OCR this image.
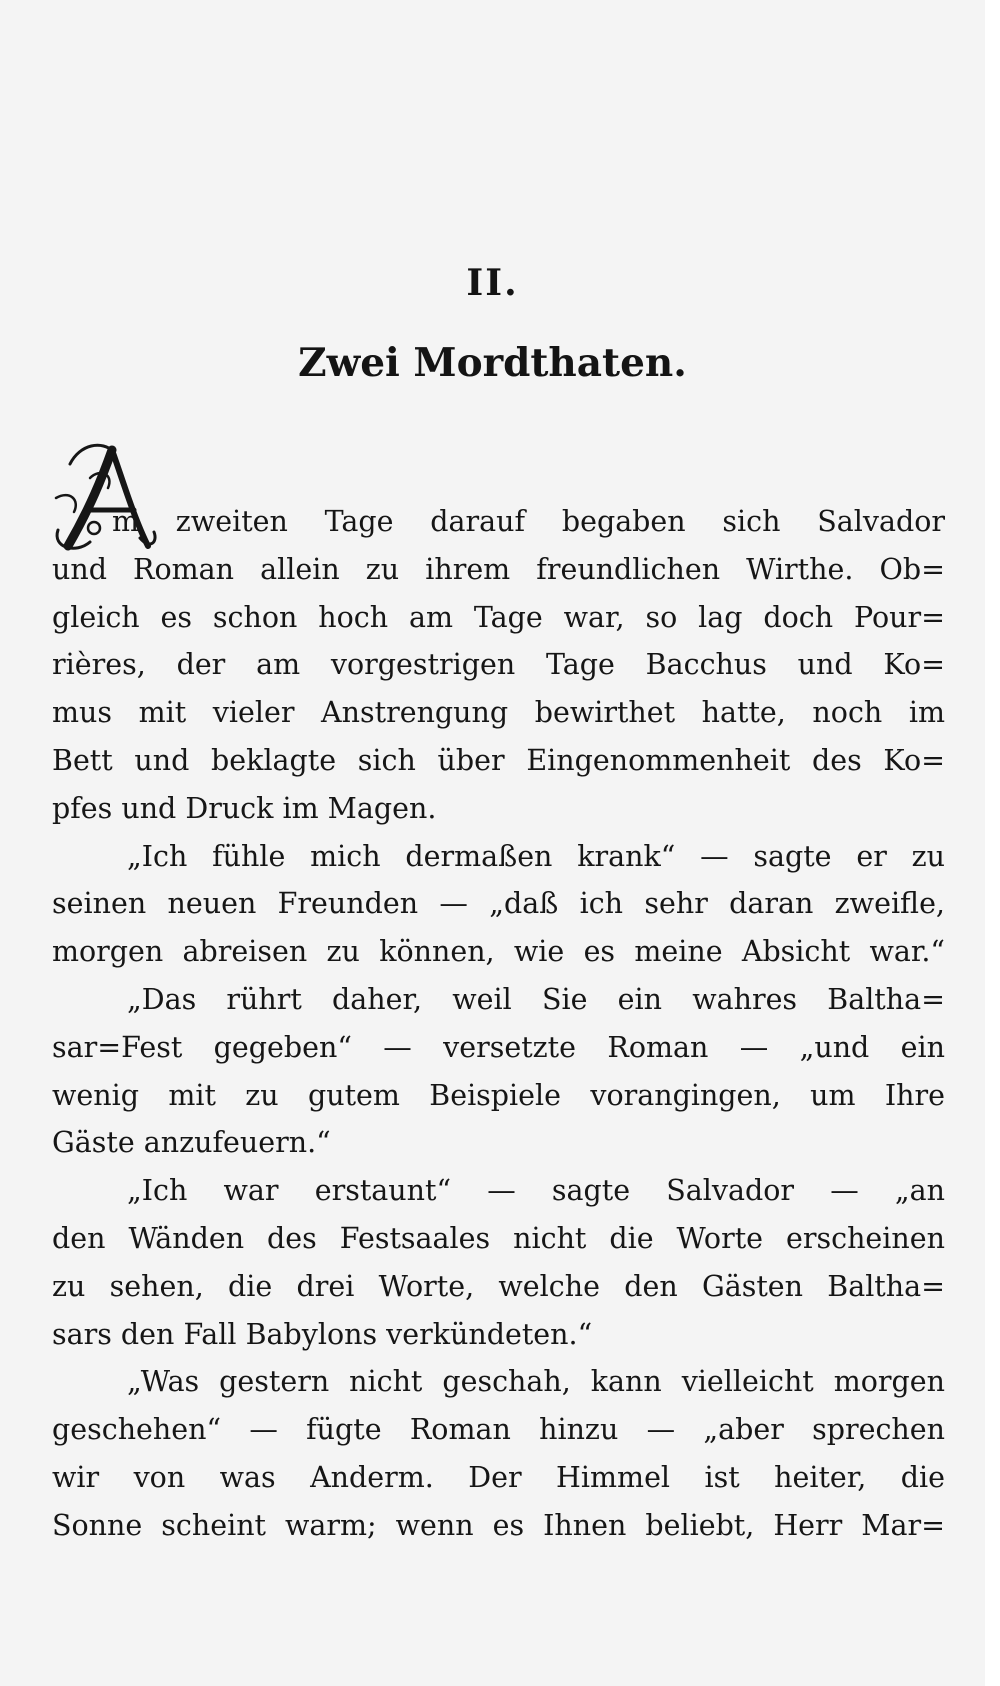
II.
Zwei Mordthaten.

m zweiten Tage darauf begaben sich Salvador

und Roman allein zu ihrem freundlichen Wirthe. Ob=
gleich es schon hoch am Tage war, so lag doch Pour=
rières, der am vorgestrigen Tage Bacchus und Ko=
mus mit vieler Anstrengung bewirthet hatte, noch im
Bett und beklagte sich über Eingenommenheit des Ko=
pfes und Druck im Magen.

„Ich fühle mich dermaßen krank“ — sagte er zu
seinen neuen Freunden — „daß ich sehr daran zweifle,
morgen abreisen zu können, wie es meine Absicht war.“

„Das rührt daher, weil Sie ein wahres Baltha=
sar=Fest gegeben“ — versetzte Roman — „und ein
wenig mit zu gutem Beispiele vorangingen, um Ihre
Gäste anzufeuern.“

„Ich war erstaunt“ — sagte Salvador — „an
den Wänden des Festsaales nicht die Worte erscheinen
zu sehen, die drei Worte, welche den Gästen Baltha=
sars den Fall Babylons verkündeten.“

„Was gestern nicht geschah, kann vielleicht morgen
geschehen“ — fügte Roman hinzu — „aber sprechen
wir von was Anderm. Der Himmel ist heiter, die
Sonne scheint warm; wenn es Ihnen beliebt, Herr Mar=
